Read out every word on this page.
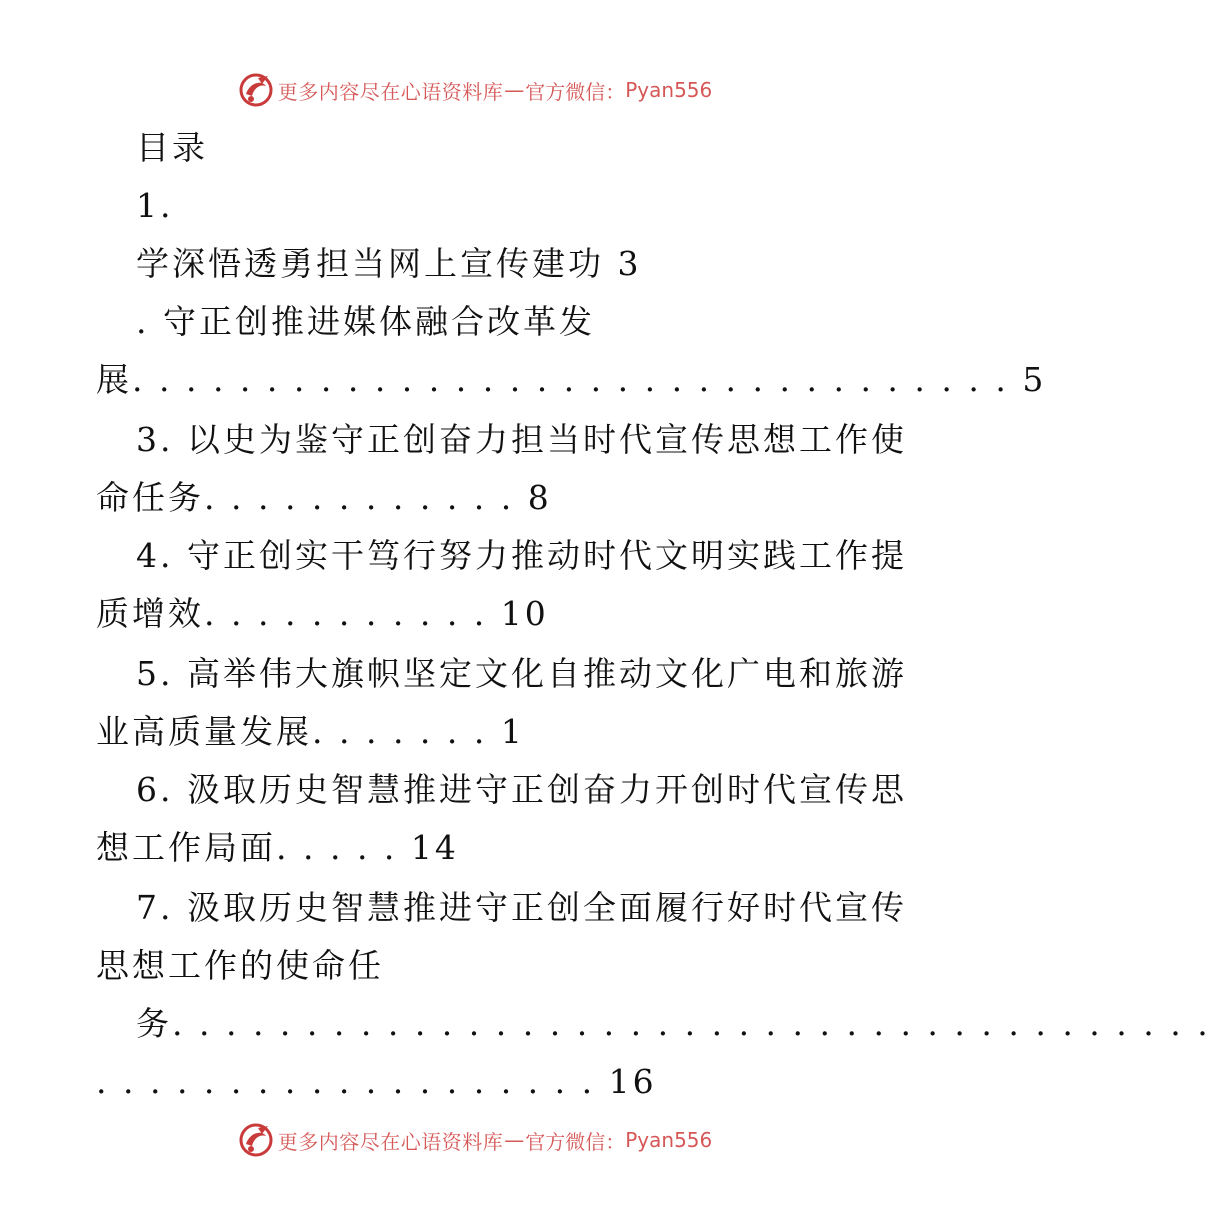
更多内容尽在心语资料库 — 官方微信： Pyan556
目录
1.
学深悟透勇担当网上宣传建功 3
. 守正创推进媒体融合改革发
展. . . . . . . . . . . . . . . . . . . . . . . . . . . . . . . . . 5
3. 以史为鉴守正创奋力担当时代宣传思想工作使
命任务. . . . . . . . . . . . 8
4. 守正创实干笃行努力推动时代文明实践工作提
质增效. . . . . . . . . . . 10
5. 高举伟大旗帜坚定文化自推动文化广电和旅游
业高质量发展. . . . . . . 1
6. 汲取历史智慧推进守正创奋力开创时代宣传思
想工作局面. . . . . 14
7. 汲取历史智慧推进守正创全面履行好时代宣传
思想工作的使命任
务. . . . . . . . . . . . . . . . . . . . . . . . . . . . . . . . . . . . . . .
. . . . . . . . . . . . . . . . . . . 16
更多内容尽在心语资料库 — 官方微信： Pyan556
